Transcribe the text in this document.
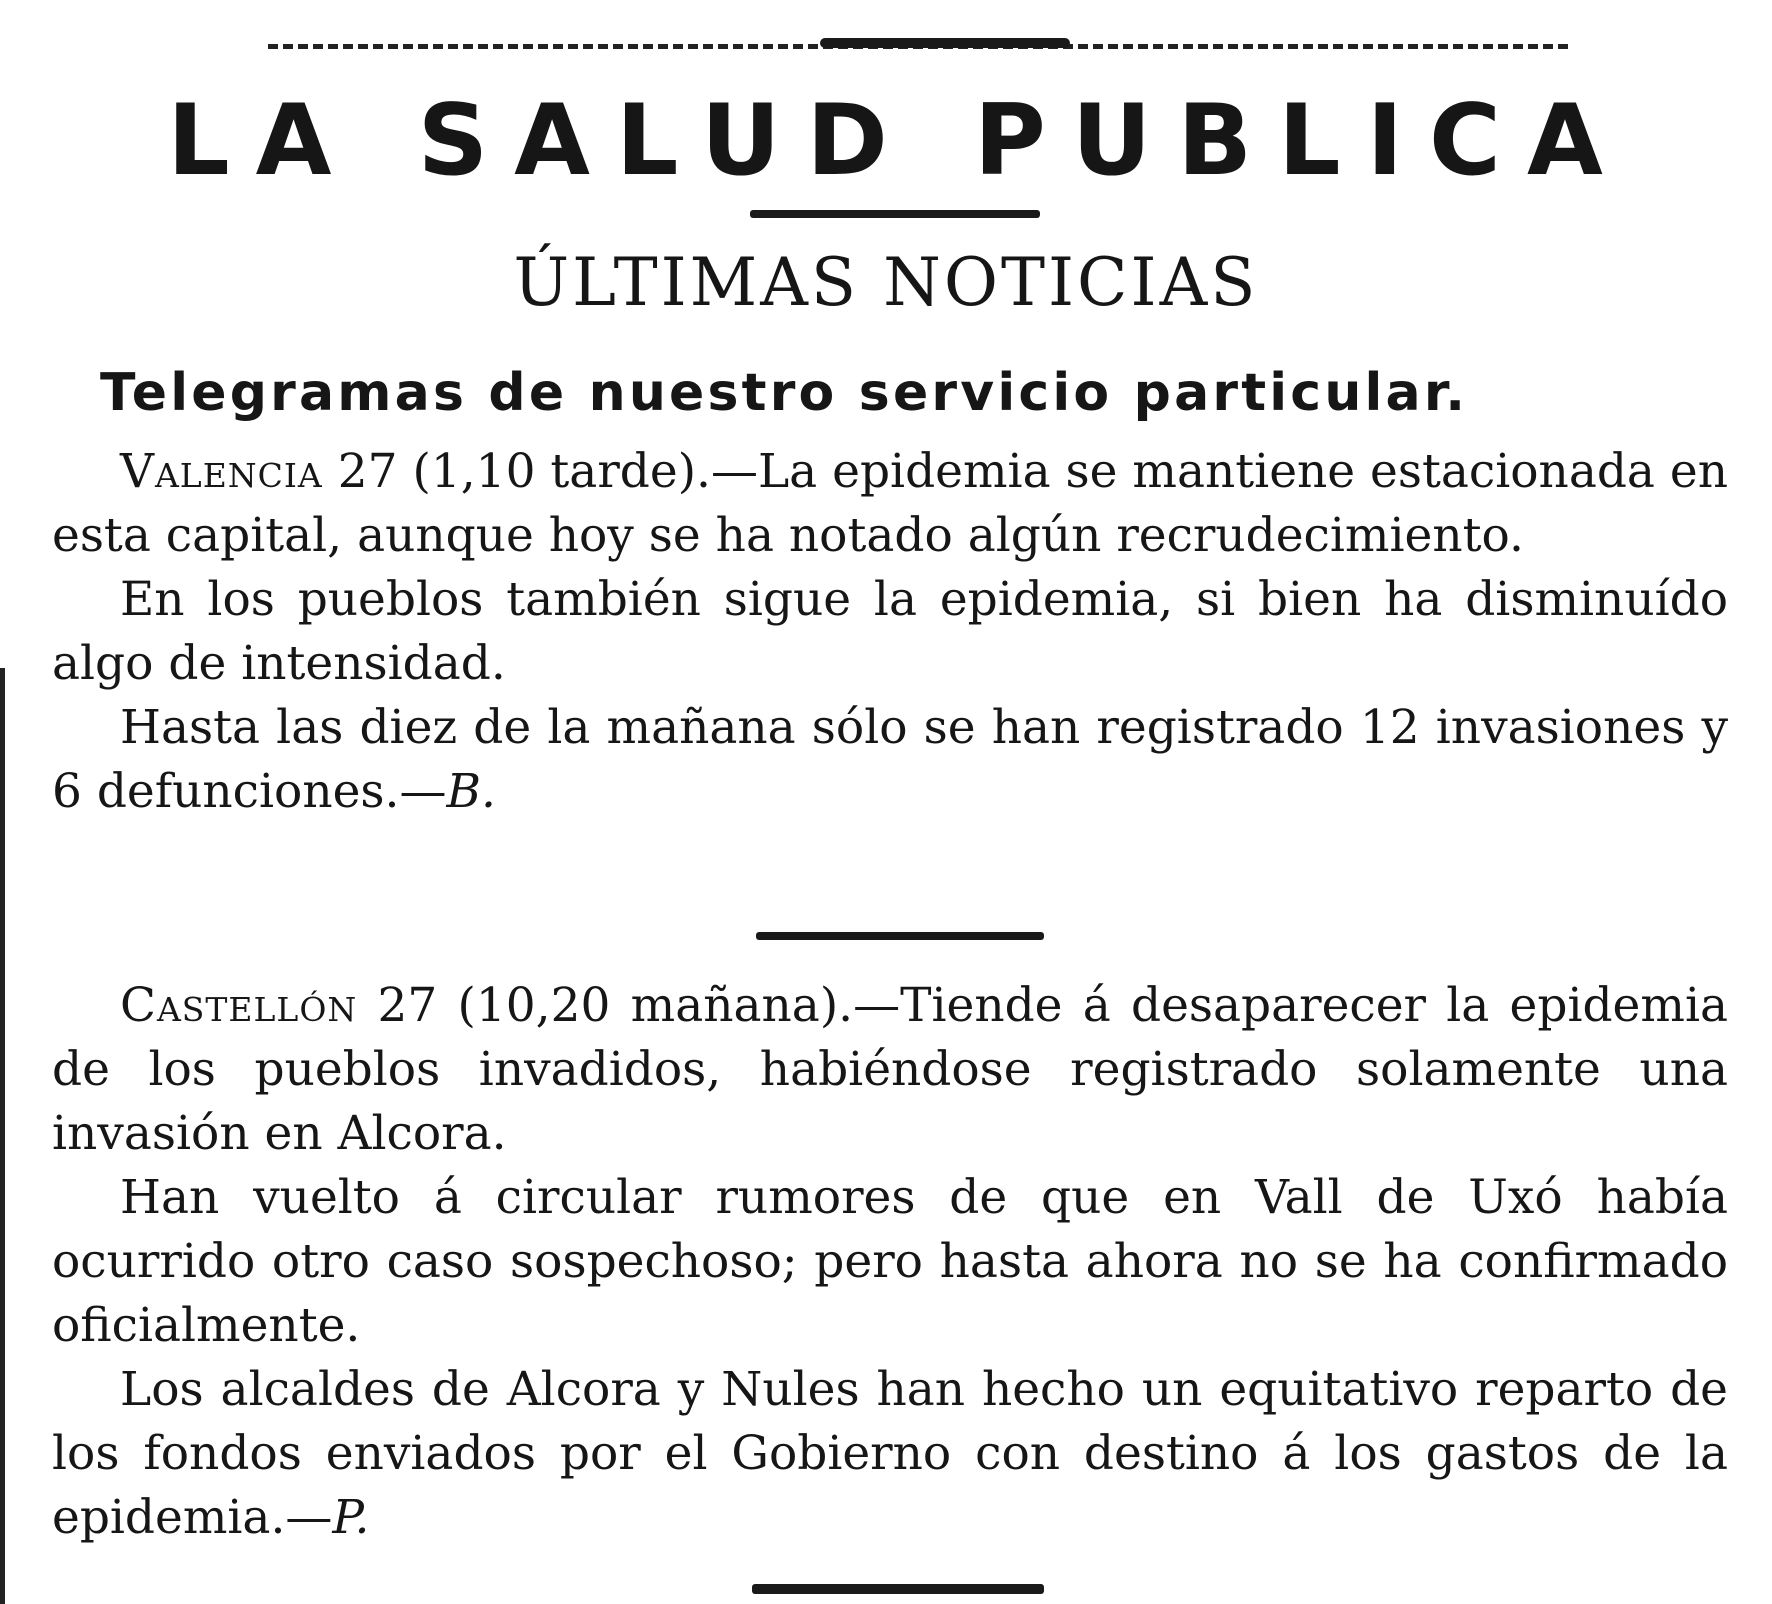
LA SALUD PUBLICA
ÚLTIMAS NOTICIAS
Telegramas de nuestro servicio particular.

Valencia 27 (1,10 tarde).—La epidemia se mantiene estacionada en esta capital, aunque hoy se ha notado algún recrudecimiento.

En los pueblos también sigue la epidemia, si bien ha disminuído algo de intensidad.

Hasta las diez de la mañana sólo se han registrado 12 invasiones y 6 defunciones.—B.

Castellón 27 (10,20 mañana).—Tiende á desaparecer la epidemia de los pueblos invadidos, habiéndose registrado solamente una invasión en Alcora.

Han vuelto á circular rumores de que en Vall de Uxó había ocurrido otro caso sospechoso; pero hasta ahora no se ha confirmado oficialmente.

Los alcaldes de Alcora y Nules han hecho un equitativo reparto de los fondos enviados por el Gobierno con destino á los gastos de la epidemia.—P.
